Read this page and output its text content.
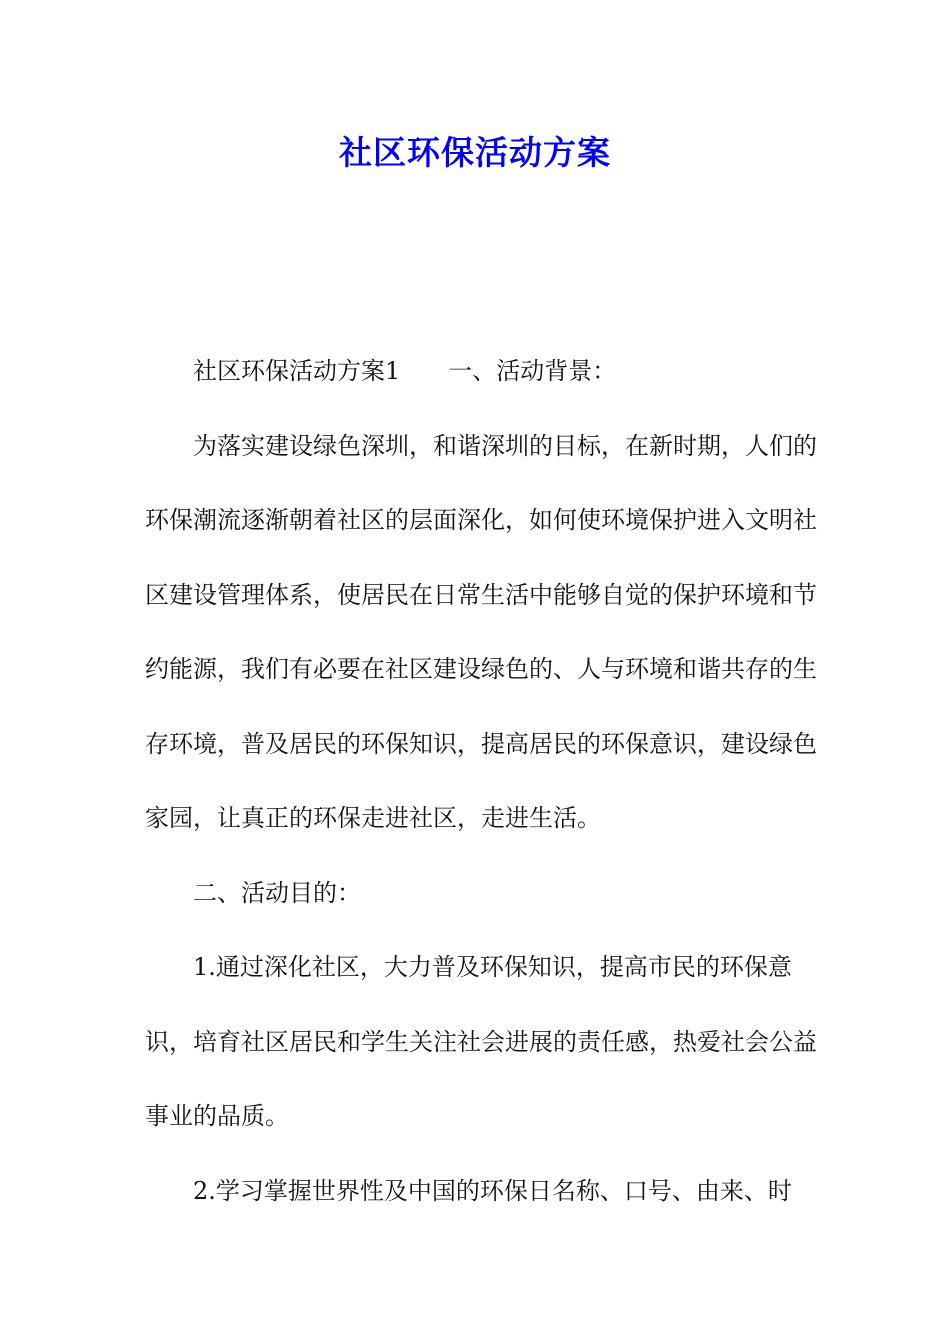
社区环保活动方案

社区环保活动方案1 一、活动背景：

为落实建设绿色深圳，和谐深圳的目标，在新时期，人们的环保潮流逐渐朝着社区的层面深化，如何使环境保护进入文明社区建设管理体系，使居民在日常生活中能够自觉的保护环境和节约能源，我们有必要在社区建设绿色的、人与环境和谐共存的生存环境，普及居民的环保知识，提高居民的环保意识，建设绿色家园，让真正的环保走进社区，走进生活。

二、活动目的：

1.通过深化社区，大力普及环保知识，提高市民的环保意识，培育社区居民和学生关注社会进展的责任感，热爱社会公益事业的品质。

2.学习掌握世界性及中国的环保日名称、口号、由来、时
